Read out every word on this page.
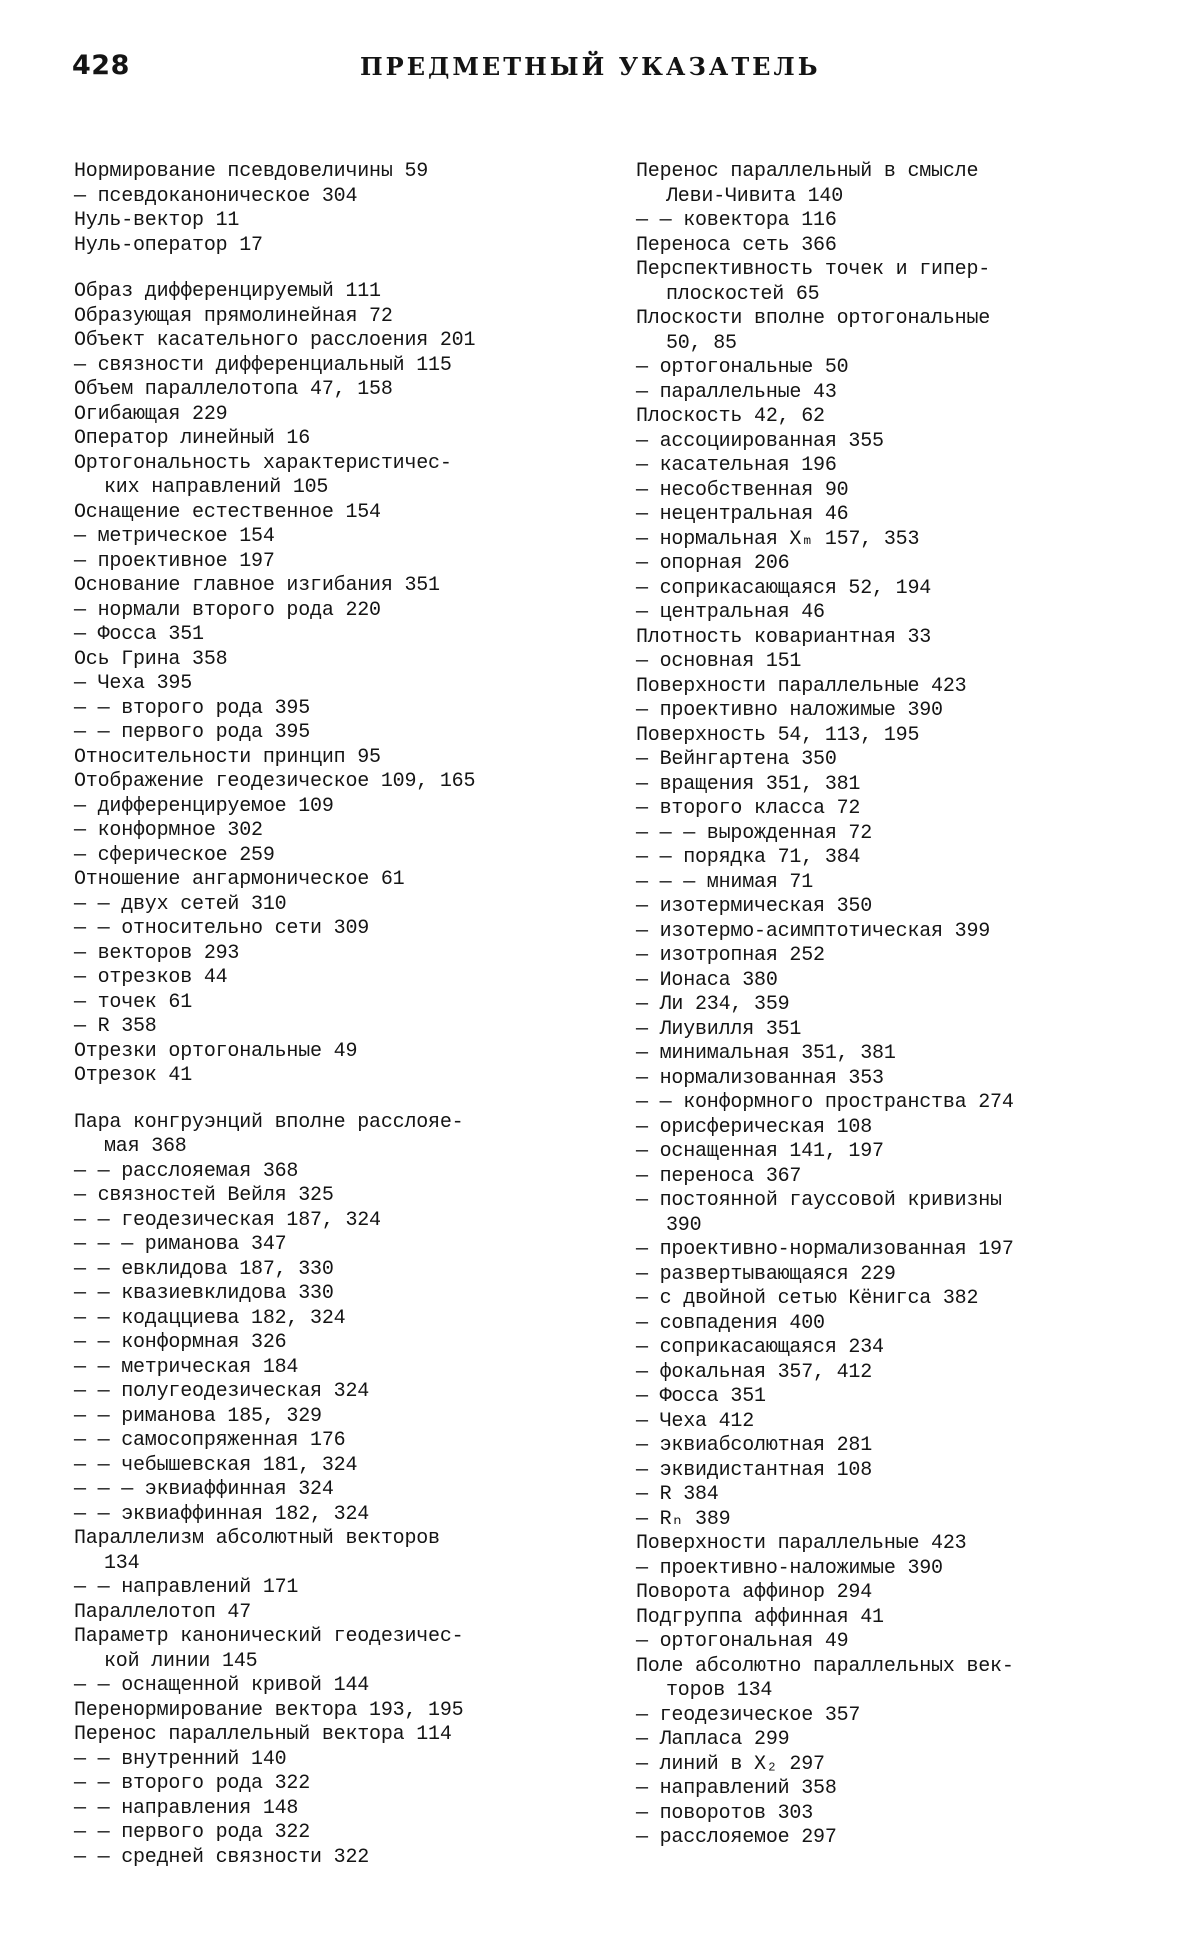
428	ПРЕДМЕТНЫЙ УКАЗАТЕЛЬ
Нормирование псевдовеличины 59
— псевдоканоническое 304
Нуль-вектор 11
Нуль-оператор 17
Образ дифференцируемый 111
Образующая прямолинейная 72
Объект касательного расслоения 201
— связности дифференциальный 115
Объем параллелотопа 47, 158
Огибающая 229
Оператор линейный 16
Ортогональность характеристичес-
ких направлений 105
Оснащение естественное 154
— метрическое 154
— проективное 197
Основание главное изгибания 351
— нормали второго рода 220
— Фосса 351
Ось Грина 358
— Чеха 395
— — второго рода 395
— — первого рода 395
Относительности принцип 95
Отображение геодезическое 109, 165
— дифференцируемое 109
— конформное 302
— сферическое 259
Отношение ангармоническое 61
— — двух сетей 310
— — относительно сети 309
— векторов 293
— отрезков 44
— точек 61
— R 358
Отрезки ортогональные 49
Отрезок 41
Пара конгруэнций вполне расслояе-
мая 368
— — расслояемая 368
— связностей Вейля 325
— — геодезическая 187, 324
— — — риманова 347
— — евклидова 187, 330
— — квазиевклидова 330
— — кодацциева 182, 324
— — конформная 326
— — метрическая 184
— — полугеодезическая 324
— — риманова 185, 329
— — самосопряженная 176
— — чебышевская 181, 324
— — — эквиаффинная 324
— — эквиаффинная 182, 324
Параллелизм абсолютный векторов
134
— — направлений 171
Параллелотоп 47
Параметр канонический геодезичес-
кой линии 145
— — оснащенной кривой 144
Перенормирование вектора 193, 195
Перенос параллельный вектора 114
— — внутренний 140
— — второго рода 322
— — направления 148
— — первого рода 322
— — средней связности 322
Перенос параллельный в смысле
Леви-Чивита 140
— — ковектора 116
Переноса сеть 366
Перспективность точек и гипер-
плоскостей 65
Плоскости вполне ортогональные
50, 85
— ортогональные 50
— параллельные 43
Плоскость 42, 62
— ассоциированная 355
— касательная 196
— несобственная 90
— нецентральная 46
— нормальная Xₘ 157, 353
— опорная 206
— соприкасающаяся 52, 194
— центральная 46
Плотность ковариантная 33
— основная 151
Поверхности параллельные 423
— проективно наложимые 390
Поверхность 54, 113, 195
— Вейнгартена 350
— вращения 351, 381
— второго класса 72
— — — вырожденная 72
— — порядка 71, 384
— — — мнимая 71
— изотермическая 350
— изотермо-асимптотическая 399
— изотропная 252
— Ионаса 380
— Ли 234, 359
— Лиувилля 351
— минимальная 351, 381
— нормализованная 353
— — конформного пространства 274
— орисферическая 108
— оснащенная 141, 197
— переноса 367
— постоянной гауссовой кривизны
390
— проективно-нормализованная 197
— развертывающаяся 229
— с двойной сетью Кёнигса 382
— совпадения 400
— соприкасающаяся 234
— фокальная 357, 412
— Фосса 351
— Чеха 412
— эквиабсолютная 281
— эквидистантная 108
— R 384
— Rₙ 389
Поверхности параллельные 423
— проективно-наложимые 390
Поворота аффинор 294
Подгруппа аффинная 41
— ортогональная 49
Поле абсолютно параллельных век-
торов 134
— геодезическое 357
— Лапласа 299
— линий в X₂ 297
— направлений 358
— поворотов 303
— расслояемое 297
